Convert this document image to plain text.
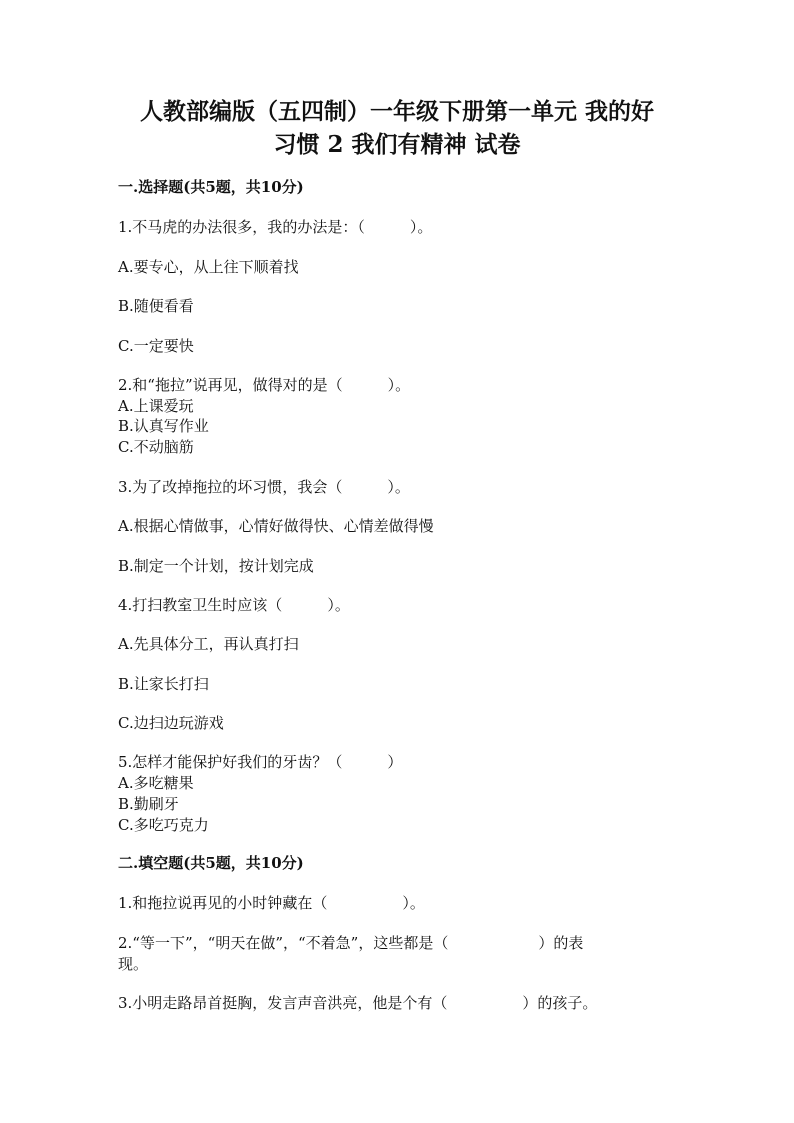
人教部编版（五四制）一年级下册第一单元 我的好
习惯 2 我们有精神 试卷
一.选择题(共5题，共10分)
1.不马虎的办法很多，我的办法是：（　　　）。
A.要专心，从上往下顺着找
B.随便看看
C.一定要快
2.和“拖拉”说再见，做得对的是（　　　）。
A.上课爱玩
B.认真写作业
C.不动脑筋
3.为了改掉拖拉的坏习惯，我会（　　　）。
A.根据心情做事，心情好做得快、心情差做得慢
B.制定一个计划，按计划完成
4.打扫教室卫生时应该（　　　）。
A.先具体分工，再认真打扫
B.让家长打扫
C.边扫边玩游戏
5.怎样才能保护好我们的牙齿？（　　　）
A.多吃糖果
B.勤刷牙
C.多吃巧克力
二.填空题(共5题，共10分)
1.和拖拉说再见的小时钟藏在（　　　　　）。
2.“等一下”，“明天在做”，“不着急”，这些都是（　　　　　　）的表
现。
3.小明走路昂首挺胸，发言声音洪亮，他是个有（　　　　　）的孩子。
